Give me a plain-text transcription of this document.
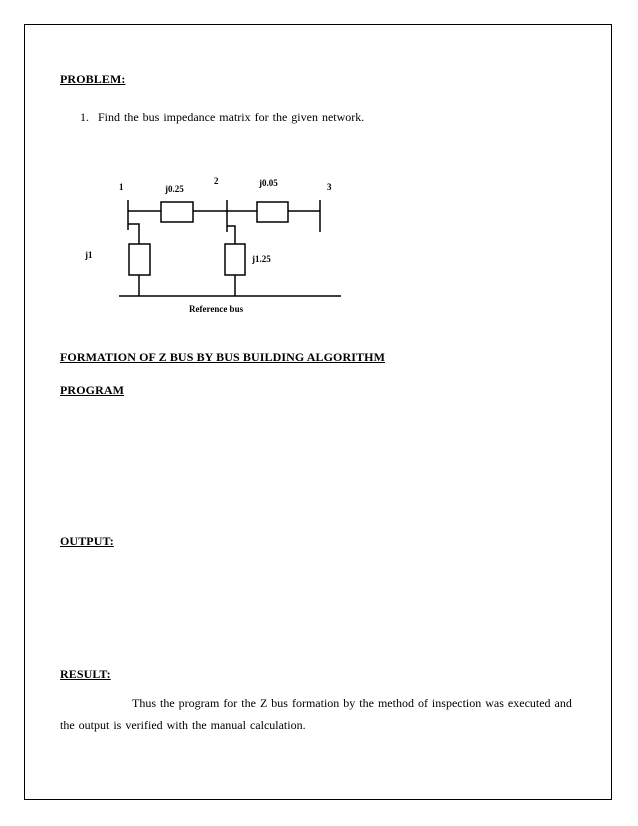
PROBLEM:
1. Find the bus impedance matrix for the given network.
1
2
3
j0.25
j0.05
j1	j1.25
Reference bus
FORMATION OF Z BUS BY BUS BUILDING ALGORITHM
PROGRAM
OUTPUT:
RESULT:
Thus the program for the Z bus formation by the method of inspection was executed and the output is verified with the manual calculation.
